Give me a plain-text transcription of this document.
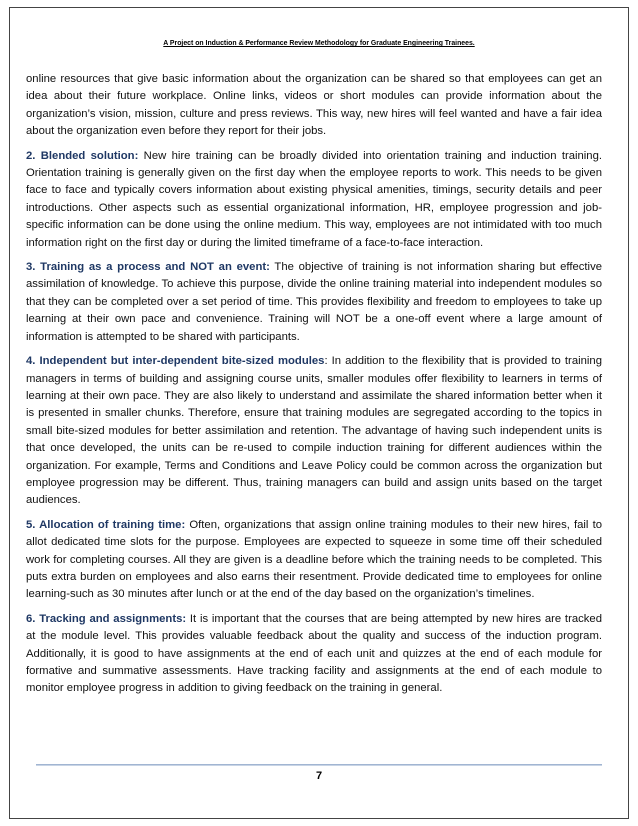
A Project on Induction & Performance Review Methodology for Graduate Engineering Trainees.

online resources that give basic information about the organization can be shared so that employees can get an idea about their future workplace. Online links, videos or short modules can provide information about the organization’s vision, mission, culture and press reviews. This way, new hires will feel wanted and have a fair idea about the organization even before they report for their jobs.

2. Blended solution: New hire training can be broadly divided into orientation training and induction training. Orientation training is generally given on the first day when the employee reports to work. This needs to be given face to face and typically covers information about existing physical amenities, timings, security details and peer introductions. Other aspects such as essential organizational information, HR, employee progression and job-specific information can be done using the online medium. This way, employees are not intimidated with too much information right on the first day or during the limited timeframe of a face-to-face interaction.

3. Training as a process and NOT an event: The objective of training is not information sharing but effective assimilation of knowledge. To achieve this purpose, divide the online training material into independent modules so that they can be completed over a set period of time. This provides flexibility and freedom to employees to take up learning at their own pace and convenience. Training will NOT be a one-off event where a large amount of information is attempted to be shared with participants.

4. Independent but inter-dependent bite-sized modules: In addition to the flexibility that is provided to training managers in terms of building and assigning course units, smaller modules offer flexibility to learners in terms of learning at their own pace. They are also likely to understand and assimilate the shared information better when it is presented in smaller chunks. Therefore, ensure that training modules are segregated according to the topics in small bite-sized modules for better assimilation and retention. The advantage of having such independent units is that once developed, the units can be re-used to compile induction training for different audiences within the organization. For example, Terms and Conditions and Leave Policy could be common across the organization but employee progression may be different. Thus, training managers can build and assign units based on the target audiences.

5. Allocation of training time: Often, organizations that assign online training modules to their new hires, fail to allot dedicated time slots for the purpose. Employees are expected to squeeze in some time off their scheduled work for completing courses. All they are given is a deadline before which the training needs to be completed. This puts extra burden on employees and also earns their resentment. Provide dedicated time to employees for online learning-such as 30 minutes after lunch or at the end of the day based on the organization’s timelines.

6. Tracking and assignments: It is important that the courses that are being attempted by new hires are tracked at the module level. This provides valuable feedback about the quality and success of the induction program. Additionally, it is good to have assignments at the end of each unit and quizzes at the end of each module for formative and summative assessments. Have tracking facility and assignments at the end of each module to monitor employee progress in addition to giving feedback on the training in general.

7
